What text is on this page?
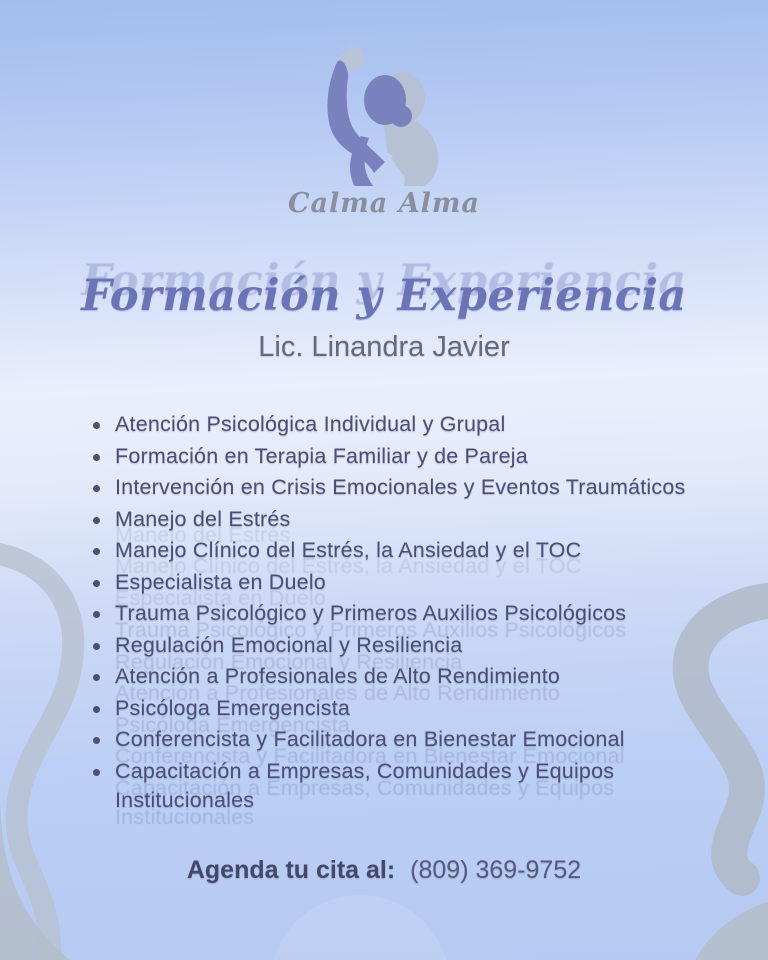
Calma Alma
Formación y Experiencia
Lic. Linandra Javier
Atención Psicológica Individual y Grupal
Formación en Terapia Familiar y de Pareja
Intervención en Crisis Emocionales y Eventos Traumáticos
Manejo del Estrés
Manejo Clínico del Estrés, la Ansiedad y el TOC
Especialista en Duelo
Trauma Psicológico y Primeros Auxilios Psicológicos
Regulación Emocional y Resiliencia
Atención a Profesionales de Alto Rendimiento
Psicóloga Emergencista
Conferencista y Facilitadora en Bienestar Emocional
Capacitación a Empresas, Comunidades y Equipos Institucionales
Agenda tu cita al: (809) 369-9752
